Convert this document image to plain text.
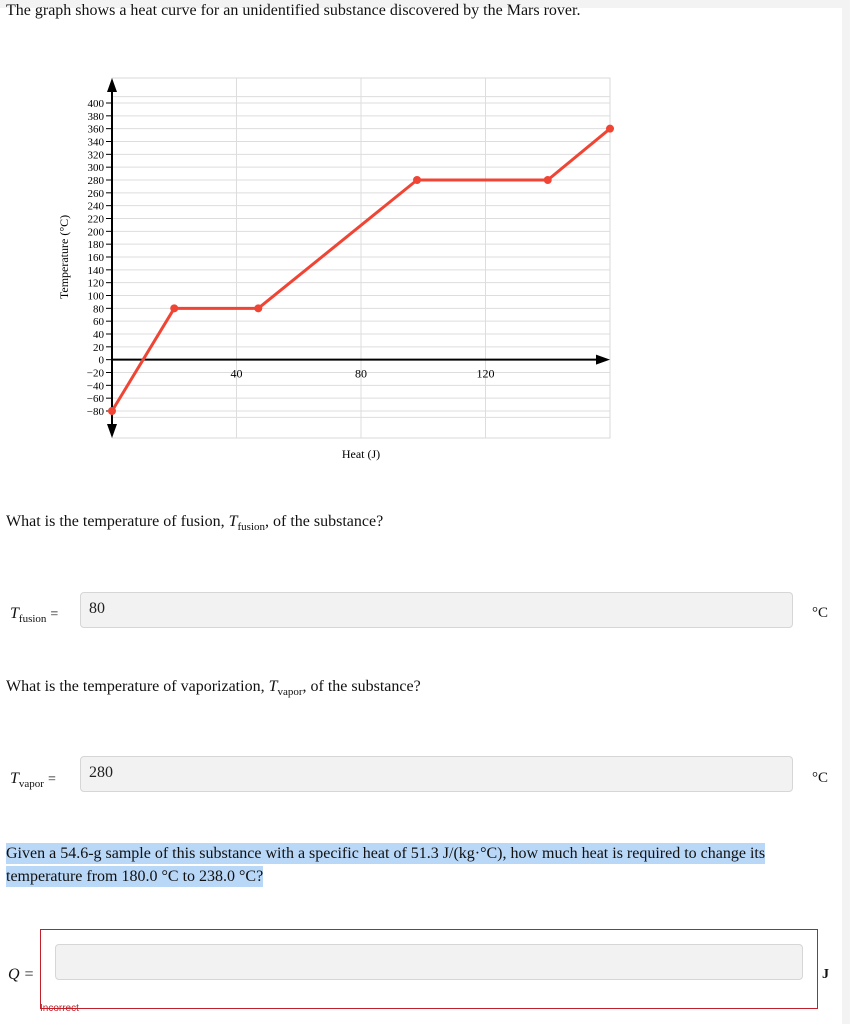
The graph shows a heat curve for an unidentified substance discovered by the Mars rover.
400
380
360
340
320
300
280
260
240
220
200
180
160
140
120
100
80
60
40
20
0
−20
−40
−60
−80
40	80	120
Heat (J)
Temperature (°C)
What is the temperature of fusion, $T_{fusion}$, of the substance?
$T_{fusion}$ =	80	°C
What is the temperature of vaporization, $T_{vapor}$, of the substance?
$T_{vapor}$ =	280	°C
Given a 54.6-g sample of this substance with a specific heat of 51.3 J/(kg·°C), how much heat is required to change its
temperature from 180.0 °C to 238.0 °C?
Q =	J
Incorrect
